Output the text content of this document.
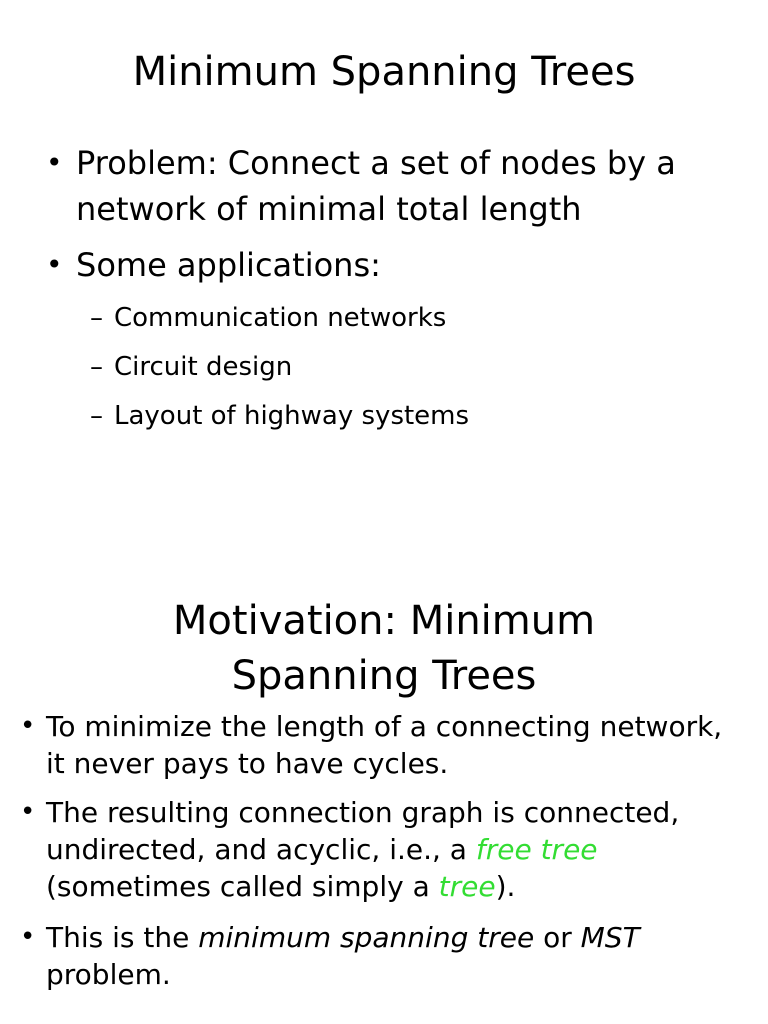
Minimum Spanning Trees
• Problem: Connect a set of nodes by a network of minimal total length
• Some applications:
– Communication networks
– Circuit design
– Layout of highway systems
Motivation: Minimum
Spanning Trees
• To minimize the length of a connecting network, it never pays to have cycles.
• The resulting connection graph is connected, undirected, and acyclic, i.e., a free tree (sometimes called simply a tree).
• This is the minimum spanning tree or MST problem.
